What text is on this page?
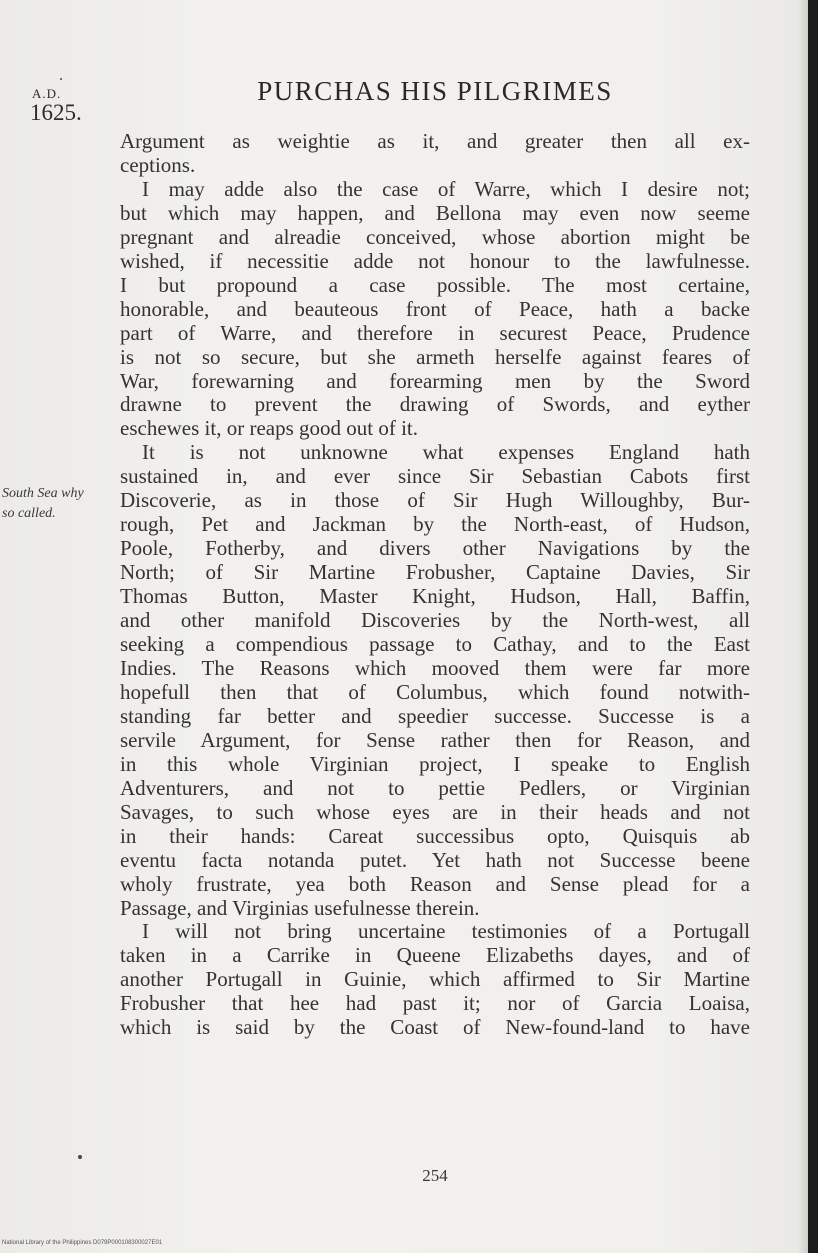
A.D.
1625.
PURCHAS HIS PILGRIMES
South Sea why
so called.
Argument as weightie as it, and greater then all ex-
ceptions.
I may adde also the case of Warre, which I desire not;
but which may happen, and Bellona may even now seeme
pregnant and alreadie conceived, whose abortion might be
wished, if necessitie adde not honour to the lawfulnesse.
I but propound a case possible. The most certaine,
honorable, and beauteous front of Peace, hath a backe
part of Warre, and therefore in securest Peace, Prudence
is not so secure, but she armeth herselfe against feares of
War, forewarning and forearming men by the Sword
drawne to prevent the drawing of Swords, and eyther
eschewes it, or reaps good out of it.
It is not unknowne what expenses England hath
sustained in, and ever since Sir Sebastian Cabots first
Discoverie, as in those of Sir Hugh Willoughby, Bur-
rough, Pet and Jackman by the North-east, of Hudson,
Poole, Fotherby, and divers other Navigations by the
North; of Sir Martine Frobusher, Captaine Davies, Sir
Thomas Button, Master Knight, Hudson, Hall, Baffin,
and other manifold Discoveries by the North-west, all
seeking a compendious passage to Cathay, and to the East
Indies. The Reasons which mooved them were far more
hopefull then that of Columbus, which found notwith-
standing far better and speedier successe. Successe is a
servile Argument, for Sense rather then for Reason, and
in this whole Virginian project, I speake to English
Adventurers, and not to pettie Pedlers, or Virginian
Savages, to such whose eyes are in their heads and not
in their hands: Careat successibus opto, Quisquis ab
eventu facta notanda putet. Yet hath not Successe beene
wholy frustrate, yea both Reason and Sense plead for a
Passage, and Virginias usefulnesse therein.
I will not bring uncertaine testimonies of a Portugall
taken in a Carrike in Queene Elizabeths dayes, and of
another Portugall in Guinie, which affirmed to Sir Martine
Frobusher that hee had past it; nor of Garcia Loaisa,
which is said by the Coast of New-found-land to have
254
National Library of the Philippines D079P000108300027E01
